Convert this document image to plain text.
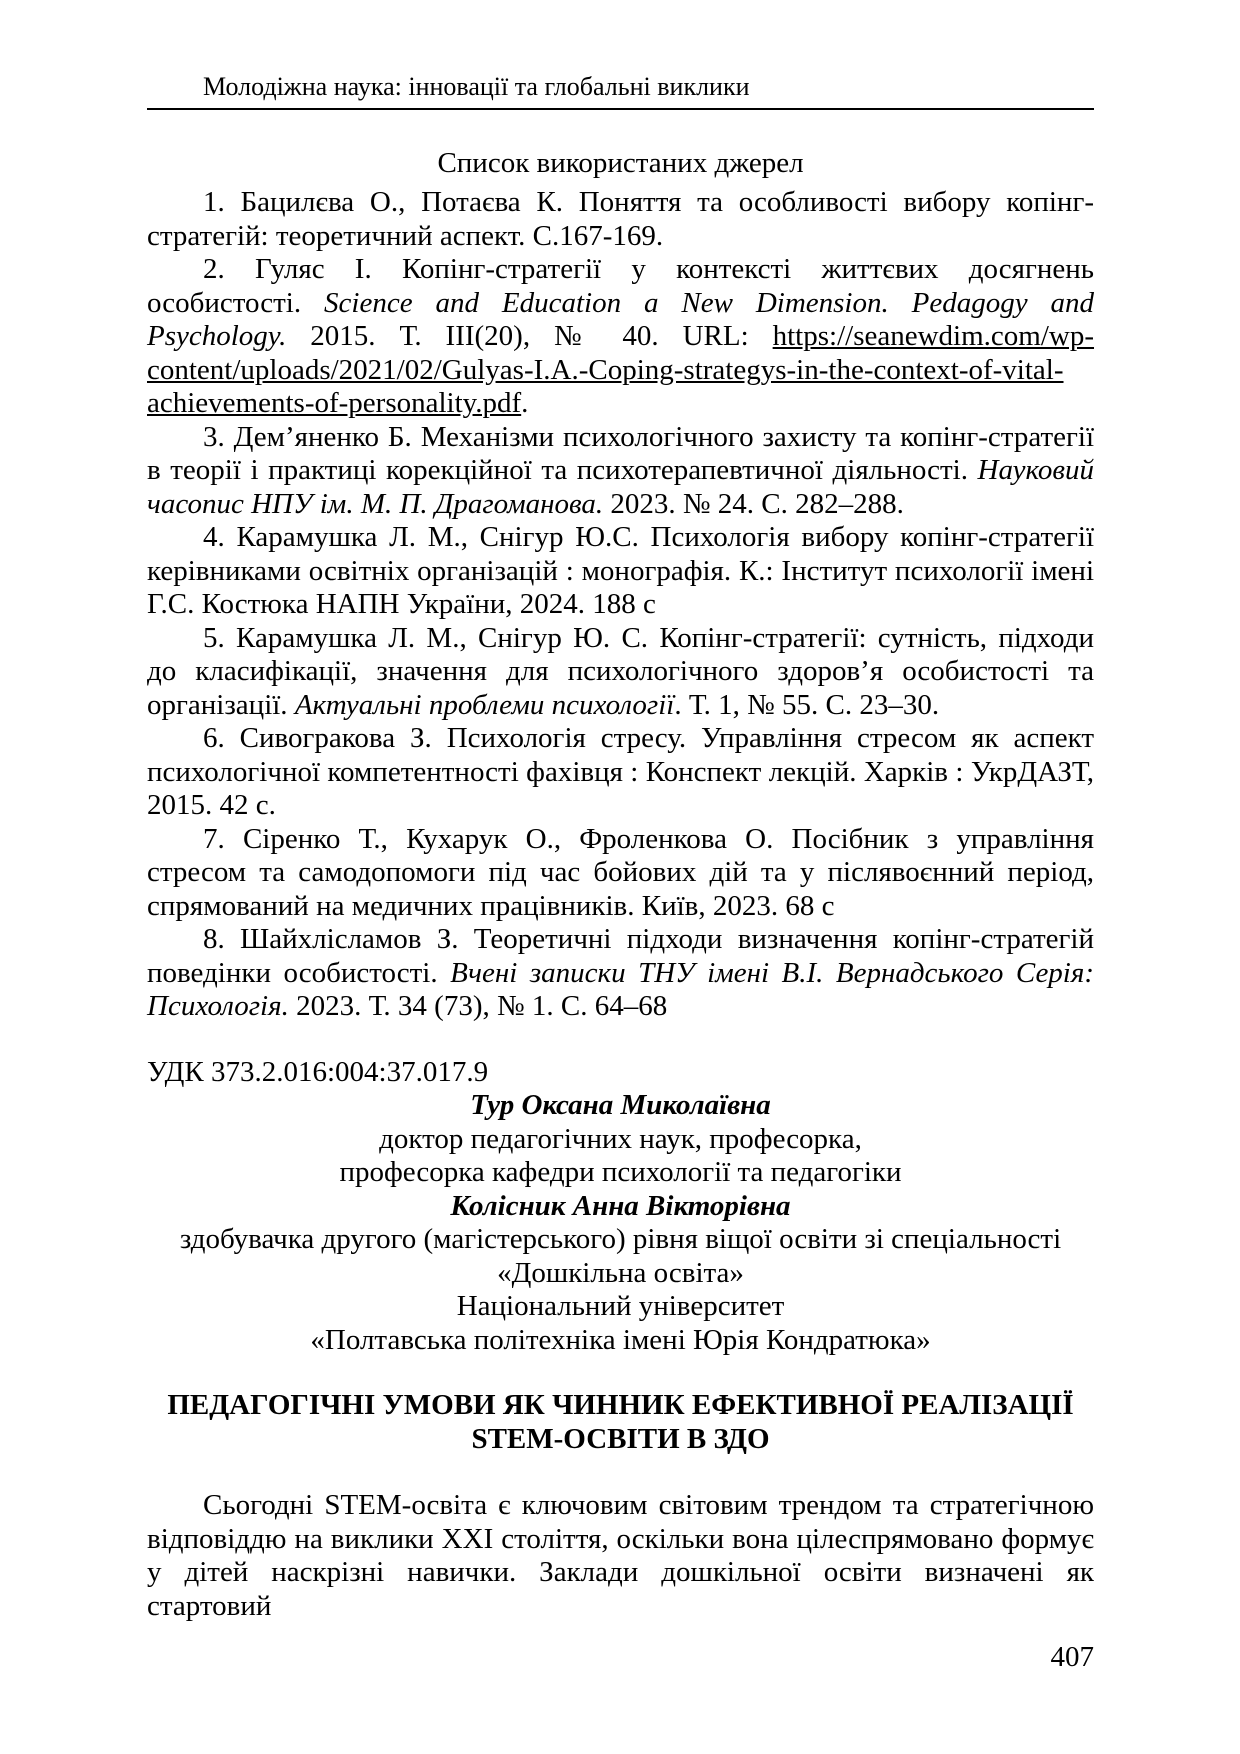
Молодіжна наука: інновації та глобальні виклики
Список використаних джерел

1. Бацилєва О., Потаєва К. Поняття та особливості вибору копінг-стратегій: теоретичний аспект. С.167-169.

2. Гуляс І. Копінг-стратегії у контексті життєвих досягнень особистості. Science and Education a New Dimension. Pedagogy and Psychology. 2015. Т. III(20), № 40. URL: https://seanewdim.com/wp-content/uploads/2021/02/Gulyas-I.A.-Coping-strategys-in-the-context-of-vital-achievements-of-personality.pdf.

3. Дем’яненко Б. Механізми психологічного захисту та копінг-стратегії в теорії і практиці корекційної та психотерапевтичної діяльності. Науковий часопис НПУ ім. М. П. Драгоманова. 2023. № 24. С. 282–288.

4. Карамушка Л. М., Снігур Ю.С. Психологія вибору копінг-стратегії керівниками освітніх організацій : монографія. К.: Інститут психології імені Г.С. Костюка НАПН України, 2024. 188 с

5. Карамушка Л. М., Снігур Ю. С. Копінг-стратегії: сутність, підходи до класифікації, значення для психологічного здоров’я особистості та організації. Актуальні проблеми психології. Т. 1, № 55. С. 23–30.

6. Сивогракова З. Психологія стресу. Управління стресом як аспект психологічної компетентності фахівця : Конспект лекцій. Харків : УкрДАЗТ, 2015. 42 с.

7. Сіренко Т., Кухарук О., Фроленкова О. Посібник з управління стресом та самодопомоги під час бойових дій та у післявоєнний період, спрямований на медичних працівників. Київ, 2023. 68 с

8. Шайхлісламов З. Теоретичні підходи визначення копінг-стратегій поведінки особистості. Вчені записки ТНУ імені В.І. Вернадського Серія: Психологія. 2023. Т. 34 (73), № 1. С. 64–68

УДК 373.2.016:004:37.017.9

Тур Оксана Миколаївна
доктор педагогічних наук, професорка,
професорка кафедри психології та педагогіки
Колісник Анна Вікторівна
здобувачка другого (магістерського) рівня віщої освіти зі спеціальності
«Дошкільна освіта»
Національний університет
«Полтавська політехніка імені Юрія Кондратюка»
ПЕДАГОГІЧНІ УМОВИ ЯК ЧИННИК ЕФЕКТИВНОЇ РЕАЛІЗАЦІЇ
STEM-ОСВІТИ В ЗДО

Сьогодні STEM-освіта є ключовим світовим трендом та стратегічною відповіддю на виклики ХХІ століття, оскільки вона цілеспрямовано формує у дітей наскрізні навички. Заклади дошкільної освіти визначені як стартовий

407
